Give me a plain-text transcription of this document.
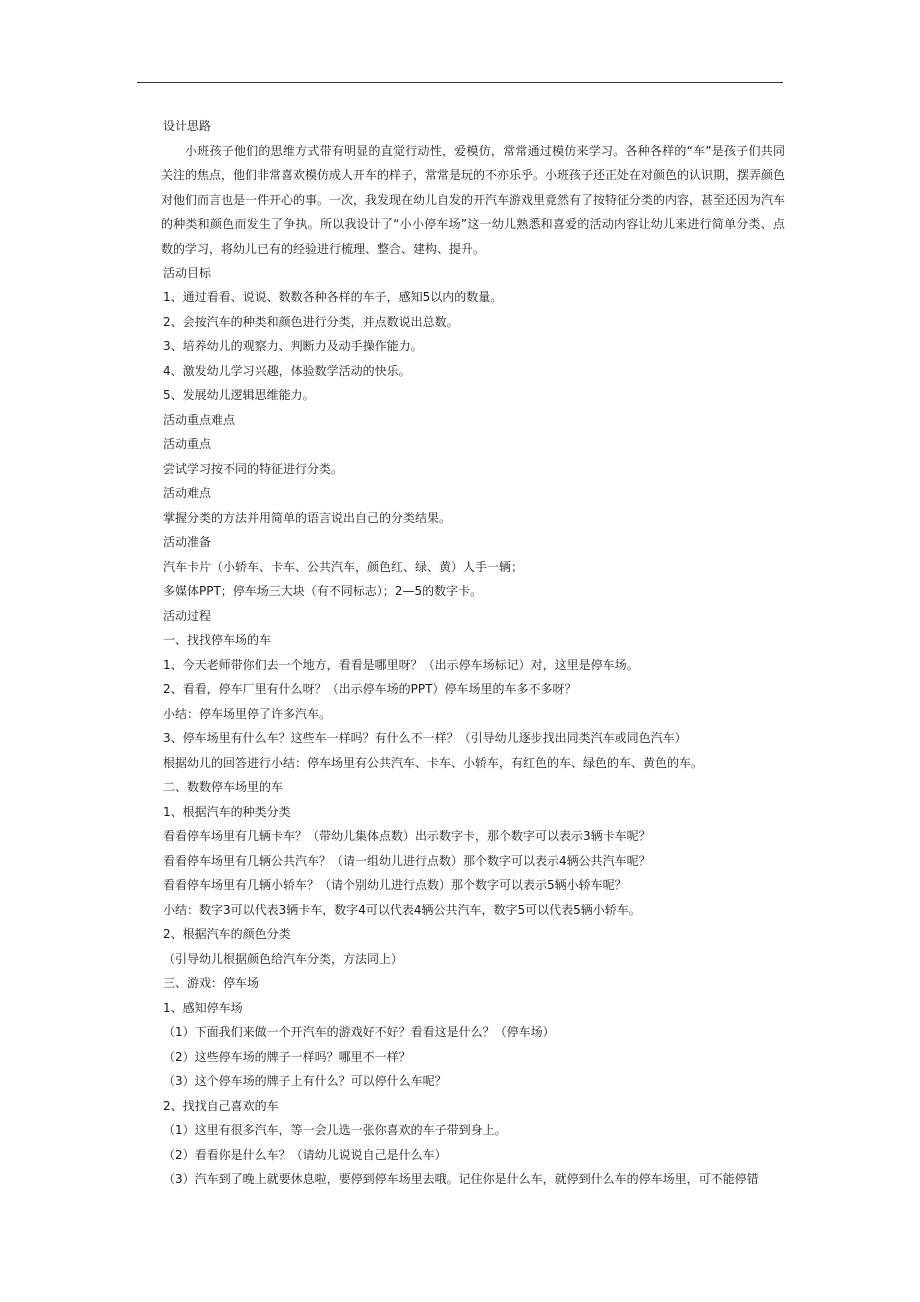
设计思路
小班孩子他们的思维方式带有明显的直觉行动性，爱模仿，常常通过模仿来学习。各种各样的“车”是孩子们共同关注的焦点，他们非常喜欢模仿成人开车的样子，常常是玩的不亦乐乎。小班孩子还正处在对颜色的认识期，摆弄颜色对他们而言也是一件开心的事。一次，我发现在幼儿自发的开汽车游戏里竟然有了按特征分类的内容，甚至还因为汽车的种类和颜色而发生了争执。所以我设计了“小小停车场”这一幼儿熟悉和喜爱的活动内容让幼儿来进行简单分类、点数的学习，将幼儿已有的经验进行梳理、整合、建构、提升。
活动目标
1、通过看看、说说、数数各种各样的车子，感知5以内的数量。
2、会按汽车的种类和颜色进行分类，并点数说出总数。
3、培养幼儿的观察力、判断力及动手操作能力。
4、激发幼儿学习兴趣，体验数学活动的快乐。
5、发展幼儿逻辑思维能力。
活动重点难点
活动重点
尝试学习按不同的特征进行分类。
活动难点
掌握分类的方法并用简单的语言说出自己的分类结果。
活动准备
汽车卡片（小轿车、卡车、公共汽车，颜色红、绿、黄）人手一辆；
多媒体PPT；停车场三大块（有不同标志）；2—5的数字卡。
活动过程
一、找找停车场的车
1、今天老师带你们去一个地方，看看是哪里呀？（出示停车场标记）对，这里是停车场。
2、看看，停车厂里有什么呀？（出示停车场的PPT）停车场里的车多不多呀？
小结：停车场里停了许多汽车。
3、停车场里有什么车？这些车一样吗？有什么不一样？（引导幼儿逐步找出同类汽车或同色汽车）
根据幼儿的回答进行小结：停车场里有公共汽车、卡车、小轿车，有红色的车、绿色的车、黄色的车。
二、数数停车场里的车
1、根据汽车的种类分类
看看停车场里有几辆卡车？（带幼儿集体点数）出示数字卡，那个数字可以表示3辆卡车呢？
看看停车场里有几辆公共汽车？（请一组幼儿进行点数）那个数字可以表示4辆公共汽车呢？
看看停车场里有几辆小轿车？（请个别幼儿进行点数）那个数字可以表示5辆小轿车呢？
小结：数字3可以代表3辆卡车，数字4可以代表4辆公共汽车，数字5可以代表5辆小轿车。
2、根据汽车的颜色分类
（引导幼儿根据颜色给汽车分类，方法同上）
三、游戏：停车场
1、感知停车场
（1）下面我们来做一个开汽车的游戏好不好？看看这是什么？（停车场）
（2）这些停车场的牌子一样吗？哪里不一样？
（3）这个停车场的牌子上有什么？可以停什么车呢？
2、找找自己喜欢的车
（1）这里有很多汽车，等一会儿选一张你喜欢的车子带到身上。
（2）看看你是什么车？（请幼儿说说自己是什么车）
（3）汽车到了晚上就要休息啦，要停到停车场里去哦。记住你是什么车，就停到什么车的停车场里，可不能停错
